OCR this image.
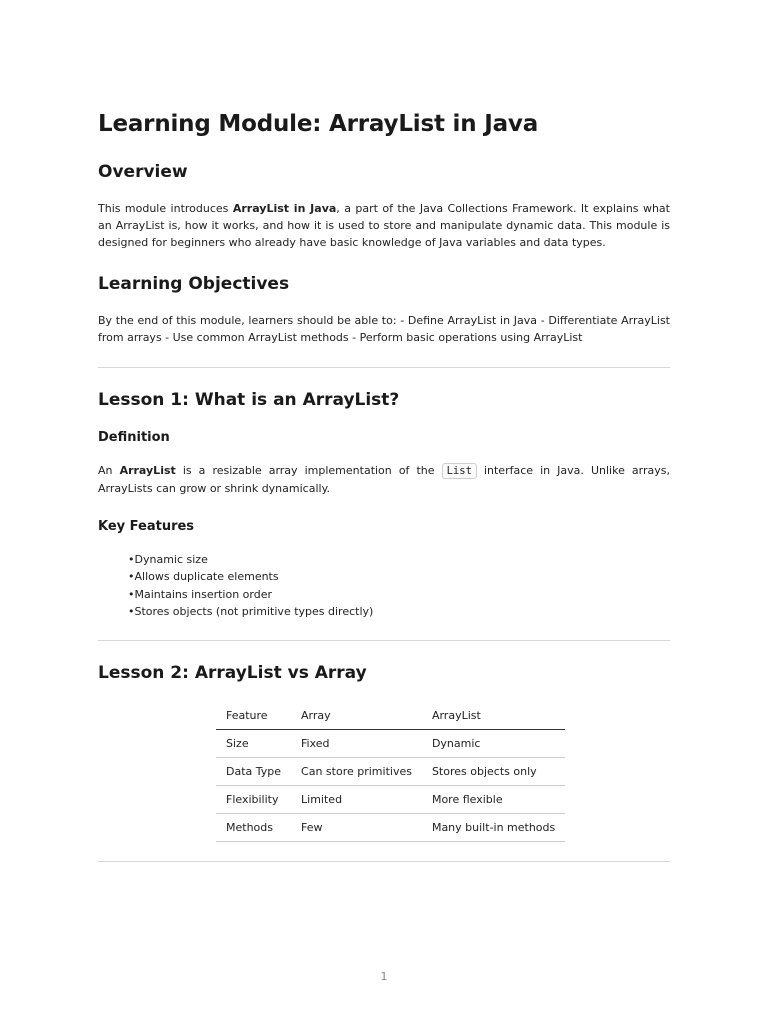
Learning Module: ArrayList in Java
Overview

This module introduces ArrayList in Java, a part of the Java Collections Framework. It explains what an ArrayList is, how it works, and how it is used to store and manipulate dynamic data. This module is designed for beginners who already have basic knowledge of Java variables and data types.

Learning Objectives

By the end of this module, learners should be able to: - Define ArrayList in Java - Differentiate ArrayList from arrays - Use common ArrayList methods - Perform basic operations using ArrayList

Lesson 1: What is an ArrayList?
Definition

An ArrayList is a resizable array implementation of the List interface in Java. Unlike arrays, ArrayLists can grow or shrink dynamically.

Key Features
• Dynamic size
• Allows duplicate elements
• Maintains insertion order
• Stores objects (not primitive types directly)
Lesson 2: ArrayList vs Array
Feature	Array	ArrayList
Size	Fixed	Dynamic
Data Type	Can store primitives	Stores objects only
Flexibility	Limited	More flexible
Methods	Few	Many built-in methods
1
